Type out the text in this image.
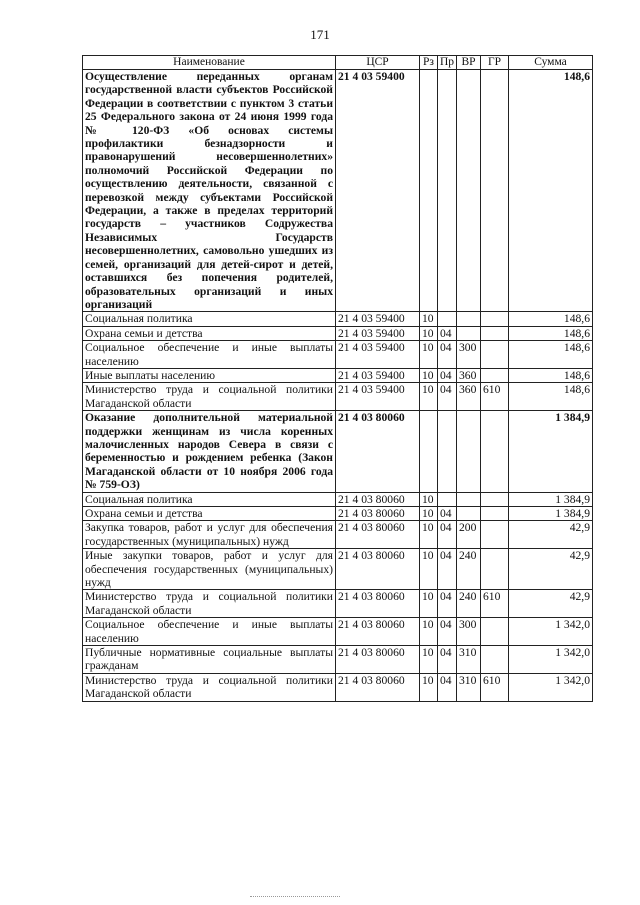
171
Наименование	ЦСР	Рз	Пр	ВР	ГР	Сумма
Осуществление переданных органам государственной власти субъектов Российской Федерации в соответствии с пунктом 3 статьи 25 Федерального закона от 24 июня 1999 года № 120-ФЗ «Об основах системы профилактики безнадзорности и правонарушений несовершеннолетних» полномочий Российской Федерации по осуществлению деятельности, связанной с перевозкой между субъектами Российской Федерации, а также в пределах территорий государств – участников Содружества Независимых Государств несовершеннолетних, самовольно ушедших из семей, организаций для детей-сирот и детей, оставшихся без попечения родителей, образовательных организаций и иных организаций	21 4 03 59400					148,6
Социальная политика	21 4 03 59400	10				148,6
Охрана семьи и детства	21 4 03 59400	10	04			148,6
Социальное обеспечение и иные выплаты населению	21 4 03 59400	10	04	300		148,6
Иные выплаты населению	21 4 03 59400	10	04	360		148,6
Министерство труда и социальной политики Магаданской области	21 4 03 59400	10	04	360	610	148,6
Оказание дополнительной материальной поддержки женщинам из числа коренных малочисленных народов Севера в связи с беременностью и рождением ребенка (Закон Магаданской области от 10 ноября 2006 года № 759-ОЗ)	21 4 03 80060					1 384,9
Социальная политика	21 4 03 80060	10				1 384,9
Охрана семьи и детства	21 4 03 80060	10	04			1 384,9
Закупка товаров, работ и услуг для обеспечения государственных (муниципальных) нужд	21 4 03 80060	10	04	200		42,9
Иные закупки товаров, работ и услуг для обеспечения государственных (муниципальных) нужд	21 4 03 80060	10	04	240		42,9
Министерство труда и социальной политики Магаданской области	21 4 03 80060	10	04	240	610	42,9
Социальное обеспечение и иные выплаты населению	21 4 03 80060	10	04	300		1 342,0
Публичные нормативные социальные выплаты гражданам	21 4 03 80060	10	04	310		1 342,0
Министерство труда и социальной политики Магаданской области	21 4 03 80060	10	04	310	610	1 342,0
